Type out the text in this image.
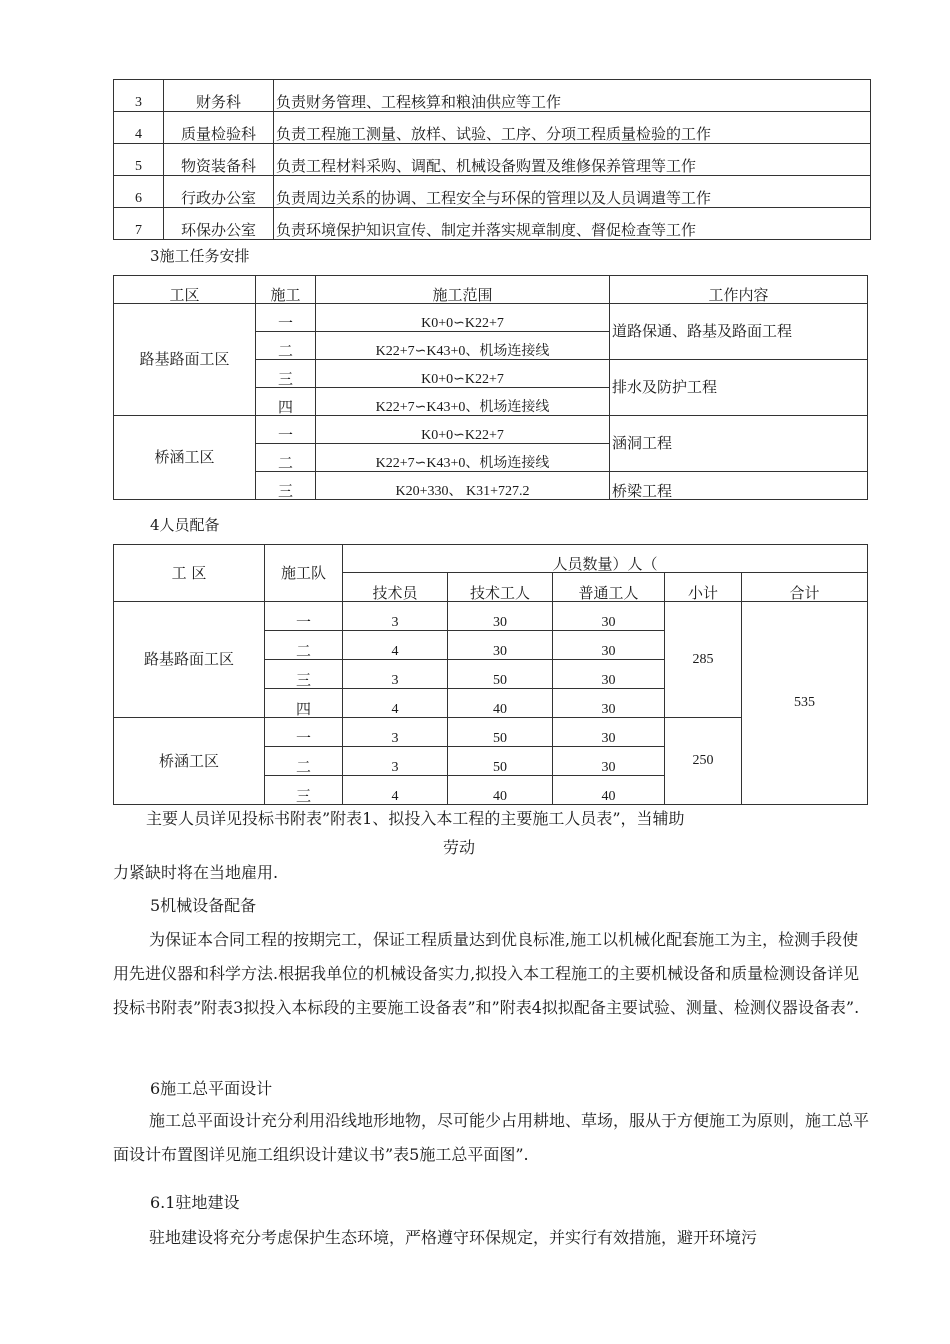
3	财务科	负责财务管理、工程核算和粮油供应等工作
4	质量检验科	负责工程施工测量、放样、试验、工序、分项工程质量检验的工作
5	物资装备科	负责工程材料采购、调配、机械设备购置及维修保养管理等工作
6	行政办公室	负责周边关系的协调、工程安全与环保的管理以及人员调遣等工作
7	环保办公室	负责环境保护知识宣传、制定并落实规章制度、督促检查等工作
3施工任务安排
工区	施工	施工范围	工作内容
路基路面工区	一	K0+0∽K22+7	道路保通、路基及路面工程
	二	K22+7∽K43+0、机场连接线	
	三	K0+0∽K22+7	排水及防护工程
	四	K22+7∽K43+0、机场连接线	
桥涵工区	一	K0+0∽K22+7	涵洞工程
	二	K22+7∽K43+0、机场连接线	
	三	K20+330、 K31+727.2	桥梁工程
4人员配备
工 区	施工队	人员数量）人（				
		技术员	技术工人	普通工人	小计	合计
路基路面工区	一	3	30	30	285	535
	二	4	30	30		
	三	3	50	30		
	四	4	40	30		
桥涵工区	一	3	50	30	250	
	二	3	50	30		
	三	4	40	40		
主要人员详见投标书附表”附表1、拟投入本工程的主要施工人员表”，当辅助
劳动
力紧缺时将在当地雇用.
5机械设备配备

为保证本合同工程的按期完工，保证工程质量达到优良标准,施工以机械化配套施工为主，检测手段使用先进仪器和科学方法.根据我单位的机械设备实力,拟投入本工程施工的主要机械设备和质量检测设备详见投标书附表”附表3拟投入本标段的主要施工设备表”和”附表4拟拟配备主要试验、测量、检测仪器设备表”.

6施工总平面设计

施工总平面设计充分利用沿线地形地物，尽可能少占用耕地、草场，服从于方便施工为原则，施工总平面设计布置图详见施工组织设计建议书”表5施工总平面图”.

6.1驻地建设

驻地建设将充分考虑保护生态环境，严格遵守环保规定，并实行有效措施，避开环境污
